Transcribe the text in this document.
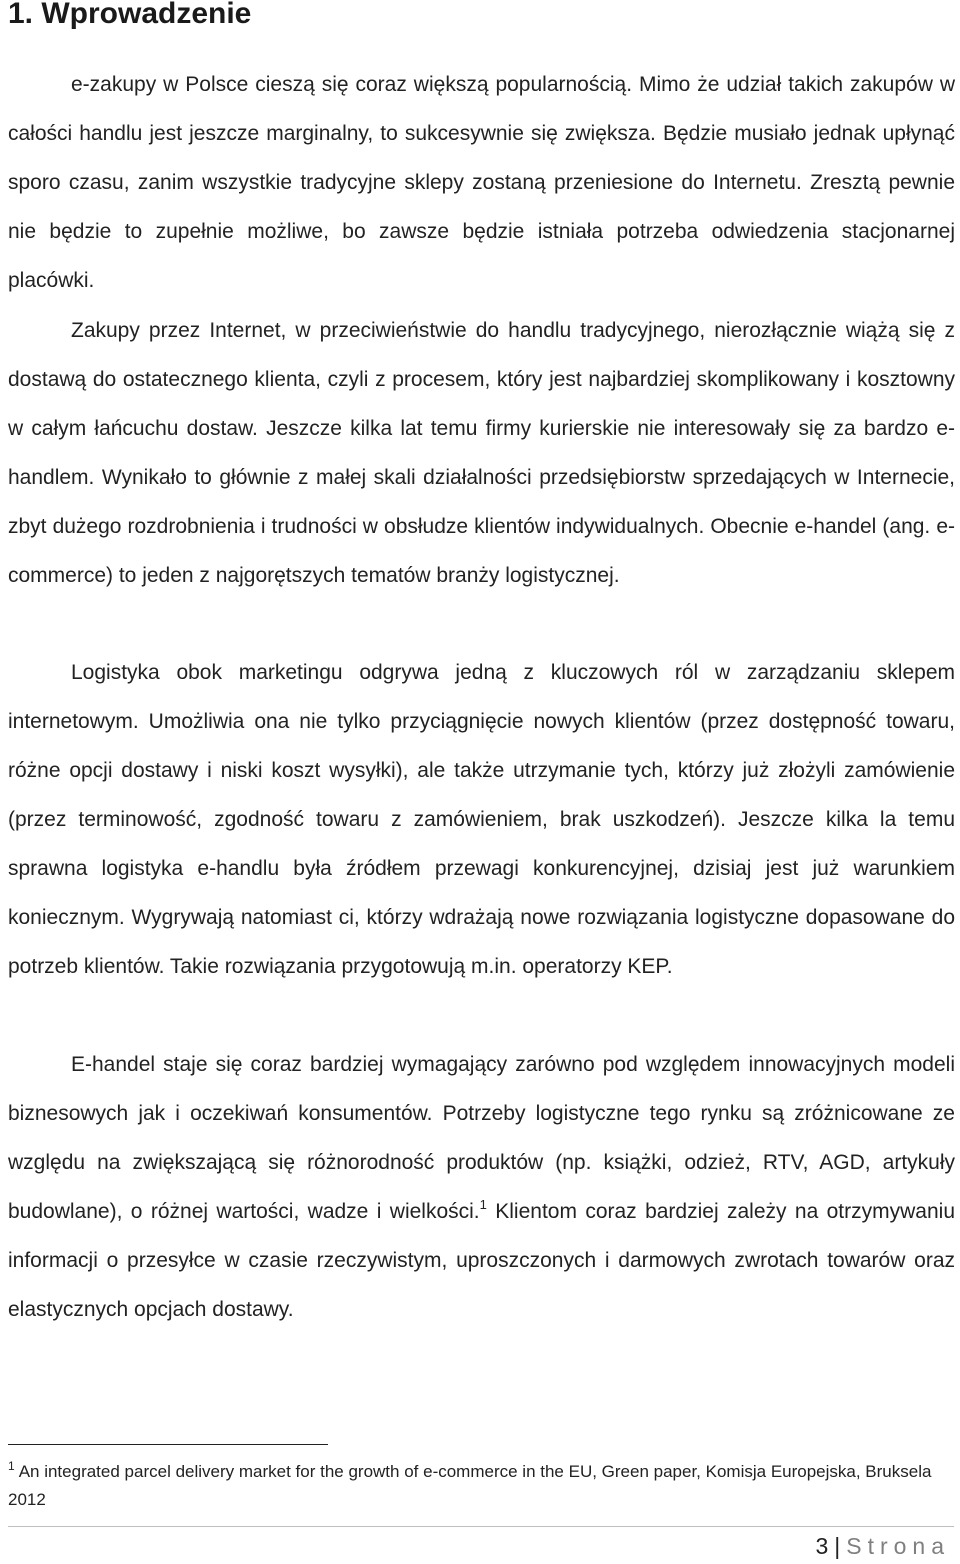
1. Wprowadzenie

e-zakupy w Polsce cieszą się coraz większą popularnością. Mimo że udział takich zakupów w całości handlu jest jeszcze marginalny, to sukcesywnie się zwiększa. Będzie musiało jednak upłynąć sporo czasu, zanim wszystkie tradycyjne sklepy zostaną przeniesione do Internetu. Zresztą pewnie nie będzie to zupełnie możliwe, bo zawsze będzie istniała potrzeba odwiedzenia stacjonarnej placówki.

Zakupy przez Internet, w przeciwieństwie do handlu tradycyjnego, nierozłącznie wiążą się z dostawą do ostatecznego klienta, czyli z procesem, który jest najbardziej skomplikowany i kosztowny w całym łańcuchu dostaw. Jeszcze kilka lat temu firmy kurierskie nie interesowały się za bardzo e-handlem. Wynikało to głównie z małej skali działalności przedsiębiorstw sprzedających w Internecie, zbyt dużego rozdrobnienia i trudności w obsłudze klientów indywidualnych. Obecnie e-handel (ang. e-commerce) to jeden z najgorętszych tematów branży logistycznej.

Logistyka obok marketingu odgrywa jedną z kluczowych ról w zarządzaniu sklepem internetowym. Umożliwia ona nie tylko przyciągnięcie nowych klientów (przez dostępność towaru, różne opcji dostawy i niski koszt wysyłki), ale także utrzymanie tych, którzy już złożyli zamówienie (przez terminowość, zgodność towaru z zamówieniem, brak uszkodzeń). Jeszcze kilka la temu sprawna logistyka e-handlu była źródłem przewagi konkurencyjnej, dzisiaj jest już warunkiem koniecznym. Wygrywają natomiast ci, którzy wdrażają nowe rozwiązania logistyczne dopasowane do potrzeb klientów. Takie rozwiązania przygotowują m.in. operatorzy KEP.

E-handel staje się coraz bardziej wymagający zarówno pod względem innowacyjnych modeli biznesowych jak i oczekiwań konsumentów. Potrzeby logistyczne tego rynku są zróżnicowane ze względu na zwiększającą się różnorodność produktów (np. książki, odzież, RTV, AGD, artykuły budowlane), o różnej wartości, wadze i wielkości.$^1$ Klientom coraz bardziej zależy na otrzymywaniu informacji o przesyłce w czasie rzeczywistym, uproszczonych i darmowych zwrotach towarów oraz elastycznych opcjach dostawy.

$^1$ An integrated parcel delivery market for the growth of e-commerce in the EU, Green paper, Komisja Europejska, Bruksela 2012

3 | Strona
